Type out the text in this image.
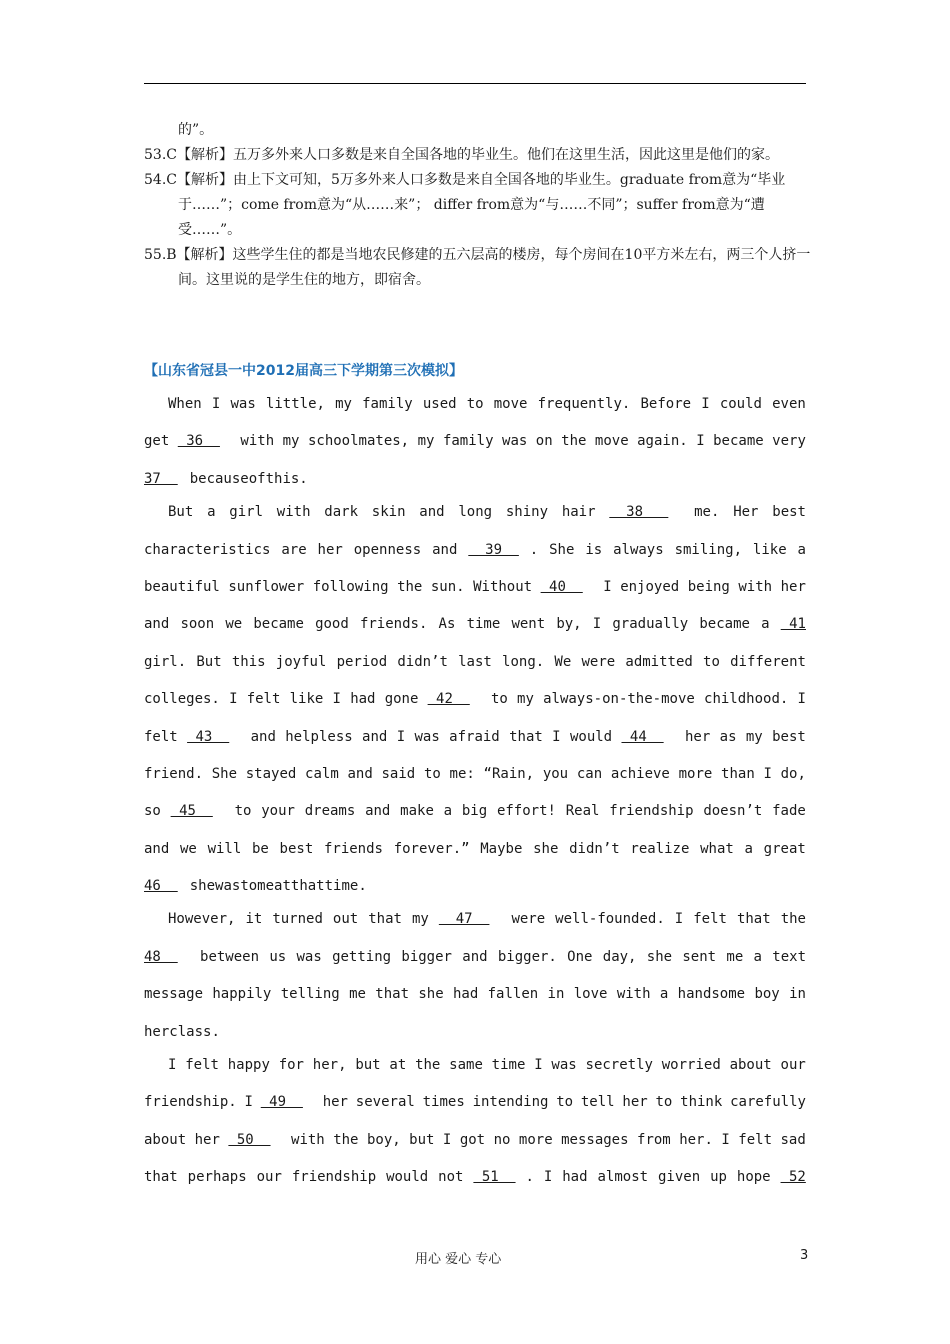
的”。

53.C【解析】五万多外来人口多数是来自全国各地的毕业生。他们在这里生活，因此这里是他们的家。

54.C【解析】由上下文可知，5万多外来人口多数是来自全国各地的毕业生。graduate from意为“毕业于……”；come from意为“从……来”； differ from意为“与……不同”；suffer from意为“遭受……”。

55.B【解析】这些学生住的都是当地农民修建的五六层高的楼房，每个房间在10平方米左右，两三个人挤一间。这里说的是学生住的地方，即宿舍。

【山东省冠县一中2012届高三下学期第三次模拟】
When I was little, my family used to move frequently. Before I could even
get 36 with my schoolmates, my family was on the move again. I became very
37 because of this.
But a girl with dark skin and long shiny hair 38 me. Her best
characteristics are her openness and 39 . She is always smiling, like a
beautiful sunflower following the sun. Without 40 I enjoyed being with her
and soon we became good friends. As time went by, I gradually became a 41
girl. But this joyful period didn’t last long. We were admitted to different
colleges. I felt like I had gone 42 to my always-on-the-move childhood. I
felt 43 and helpless and I was afraid that I would 44 her as my best
friend. She stayed calm and said to me: “Rain, you can achieve more than I do,
so 45 to your dreams and make a big effort! Real friendship doesn’t fade
and we will be best friends forever.” Maybe she didn’t realize what a great
46 she was to me at that time.
However, it turned out that my 47 were well-founded. I felt that the
48 between us was getting bigger and bigger. One day, she sent me a text
message happily telling me that she had fallen in love with a handsome boy in
her class.
I felt happy for her, but at the same time I was secretly worried about our
friendship. I 49 her several times intending to tell her to think carefully
about her 50 with the boy, but I got no more messages from her. I felt sad
that perhaps our friendship would not 51 . I had almost given up hope 52
用心 爱心 专心	3
